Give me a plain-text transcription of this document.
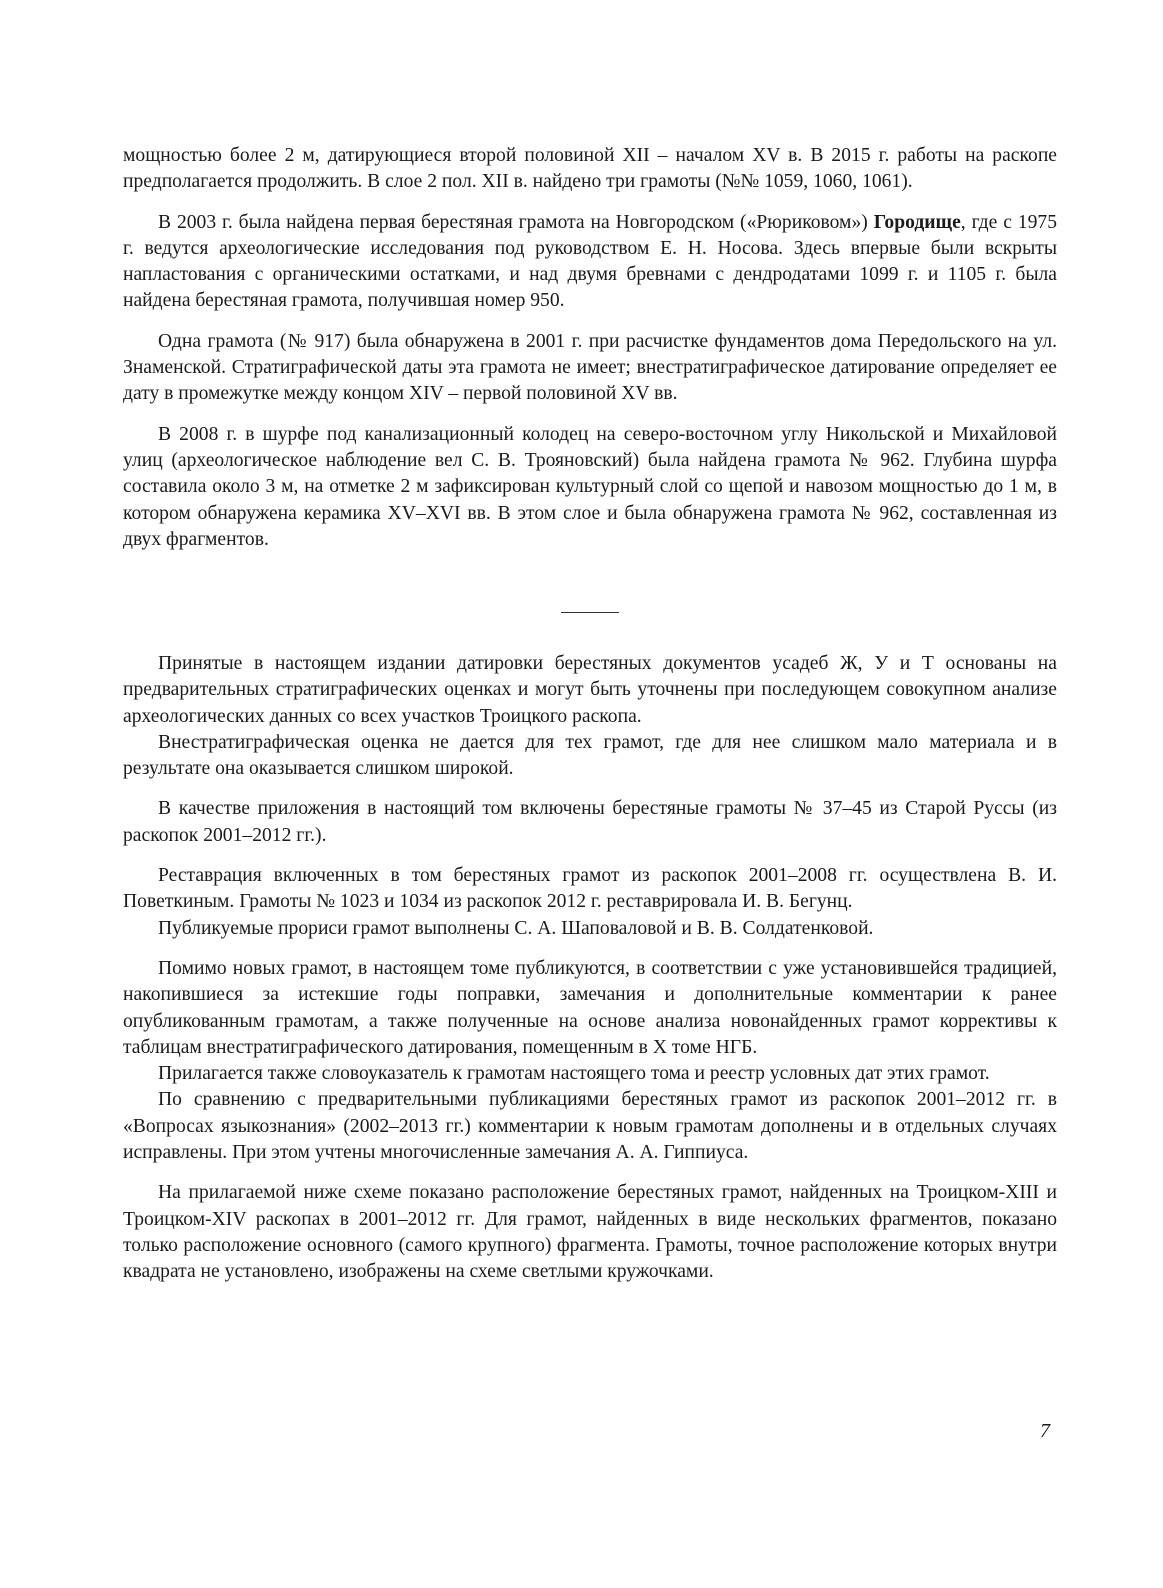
мощностью более 2 м, датирующиеся второй половиной XII – началом XV в. В 2015 г. работы на раскопе предполагается продолжить. В слое 2 пол. XII в. найдено три грамоты (№№ 1059, 1060, 1061).

В 2003 г. была найдена первая берестяная грамота на Новгородском («Рюриковом») Городище, где с 1975 г. ведутся археологические исследования под руководством Е. Н. Носова. Здесь впервые были вскрыты напластования с органическими остатками, и над двумя бревнами с дендродатами 1099 г. и 1105 г. была найдена берестяная грамота, получившая номер 950.

Одна грамота (№ 917) была обнаружена в 2001 г. при расчистке фундаментов дома Передольского на ул. Знаменской. Стратиграфической даты эта грамота не имеет; внестратиграфическое датирование определяет ее дату в промежутке между концом XIV – первой половиной XV вв.

В 2008 г. в шурфе под канализационный колодец на северо-восточном углу Никольской и Михайловой улиц (археологическое наблюдение вел С. В. Трояновский) была найдена грамота № 962. Глубина шурфа составила около 3 м, на отметке 2 м зафиксирован культурный слой со щепой и навозом мощностью до 1 м, в котором обнаружена керамика XV–XVI вв. В этом слое и была обнаружена грамота № 962, составленная из двух фрагментов.

Принятые в настоящем издании датировки берестяных документов усадеб Ж, У и Т основаны на предварительных стратиграфических оценках и могут быть уточнены при последующем совокупном анализе археологических данных со всех участков Троицкого раскопа.

Внестратиграфическая оценка не дается для тех грамот, где для нее слишком мало материала и в результате она оказывается слишком широкой.

В качестве приложения в настоящий том включены берестяные грамоты № 37–45 из Старой Руссы (из раскопок 2001–2012 гг.).

Реставрация включенных в том берестяных грамот из раскопок 2001–2008 гг. осуществлена В. И. Поветкиным. Грамоты № 1023 и 1034 из раскопок 2012 г. реставрировала И. В. Бегунц.

Публикуемые прориси грамот выполнены С. А. Шаповаловой и В. В. Солдатенковой.

Помимо новых грамот, в настоящем томе публикуются, в соответствии с уже установившейся традицией, накопившиеся за истекшие годы поправки, замечания и дополнительные комментарии к ранее опубликованным грамотам, а также полученные на основе анализа новонайденных грамот коррективы к таблицам внестратиграфического датирования, помещенным в X томе НГБ.

Прилагается также словоуказатель к грамотам настоящего тома и реестр условных дат этих грамот.

По сравнению с предварительными публикациями берестяных грамот из раскопок 2001–2012 гг. в «Вопросах языкознания» (2002–2013 гг.) комментарии к новым грамотам дополнены и в отдельных случаях исправлены. При этом учтены многочисленные замечания А. А. Гиппиуса.

На прилагаемой ниже схеме показано расположение берестяных грамот, найденных на Троицком-XIII и Троицком-XIV раскопах в 2001–2012 гг. Для грамот, найденных в виде нескольких фрагментов, показано только расположение основного (самого крупного) фрагмента. Грамоты, точное расположение которых внутри квадрата не установлено, изображены на схеме светлыми кружочками.

7
